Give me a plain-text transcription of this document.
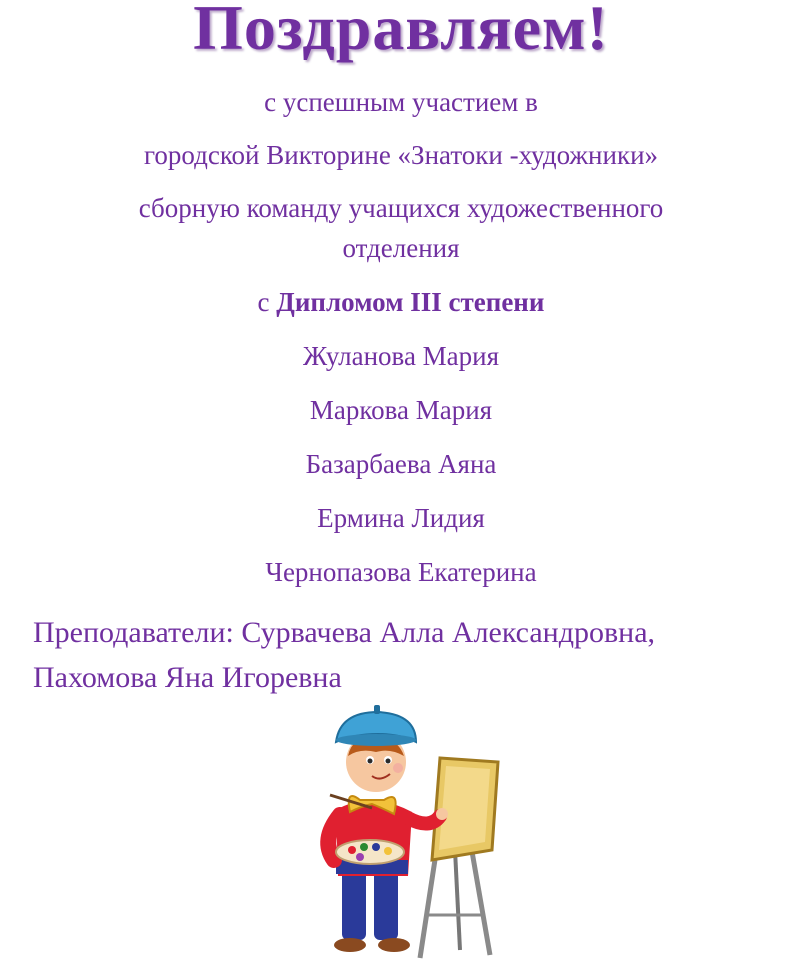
Поздравляем!
с успешным участием в
городской Викторине «Знатоки -художники»
сборную команду учащихся художественного
отделения
с Дипломом III степени
Жуланова Мария
Маркова Мария
Базарбаева Аяна
Ермина Лидия
Чернопазова Екатерина
Преподаватели: Сурвачева Алла Александровна,
Пахомова Яна Игоревна
